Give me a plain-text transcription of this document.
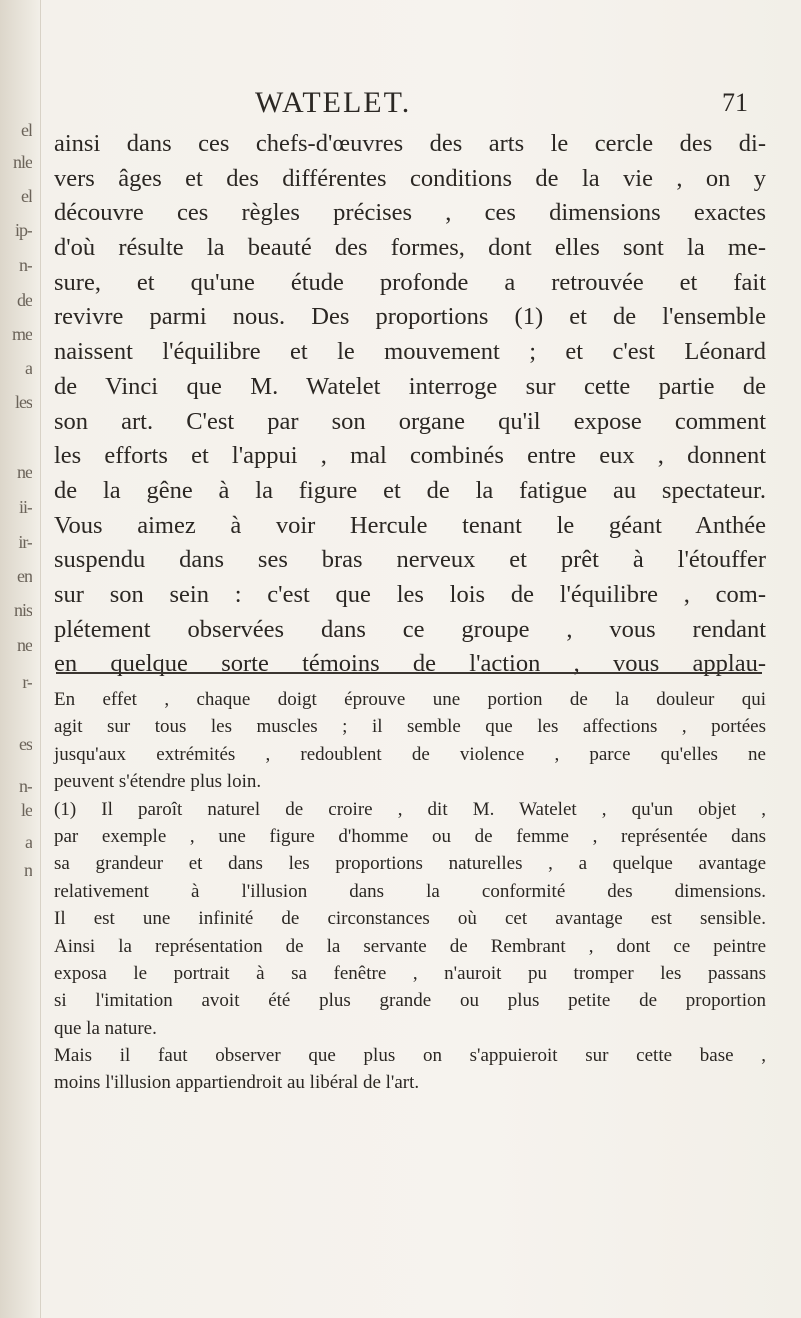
el
nle
el
ip-
n-
de
me
a
les
ne
ii-
ir-
en
nis
ne
r-
es
n-
le
a
n
WATELET.	71
ainsi dans ces chefs-d'œuvres des arts le cercle des di-
vers âges et des différentes conditions de la vie , on y
découvre ces règles précises , ces dimensions exactes
d'où résulte la beauté des formes, dont elles sont la me-
sure, et qu'une étude profonde a retrouvée et fait
revivre parmi nous. Des proportions (1) et de l'ensemble
naissent l'équilibre et le mouvement ; et c'est Léonard
de Vinci que M. Watelet interroge sur cette partie de
son art. C'est par son organe qu'il expose comment
les efforts et l'appui , mal combinés entre eux , donnent
de la gêne à la figure et de la fatigue au spectateur.
Vous aimez à voir Hercule tenant le géant Anthée
suspendu dans ses bras nerveux et prêt à l'étouffer
sur son sein : c'est que les lois de l'équilibre , com-
plétement observées dans ce groupe , vous rendant
en quelque sorte témoins de l'action , vous applau-
En effet , chaque doigt éprouve une portion de la douleur qui
agit sur tous les muscles ; il semble que les affections , portées
jusqu'aux extrémités , redoublent de violence , parce qu'elles ne
peuvent s'étendre plus loin.
(1) Il paroît naturel de croire , dit M. Watelet , qu'un objet ,
par exemple , une figure d'homme ou de femme , représentée dans
sa grandeur et dans les proportions naturelles , a quelque avantage
relativement à l'illusion dans la conformité des dimensions.
Il est une infinité de circonstances où cet avantage est sensible.
Ainsi la représentation de la servante de Rembrant , dont ce peintre
exposa le portrait à sa fenêtre , n'auroit pu tromper les passans
si l'imitation avoit été plus grande ou plus petite de proportion
que la nature.
Mais il faut observer que plus on s'appuieroit sur cette base ,
moins l'illusion appartiendroit au libéral de l'art.
